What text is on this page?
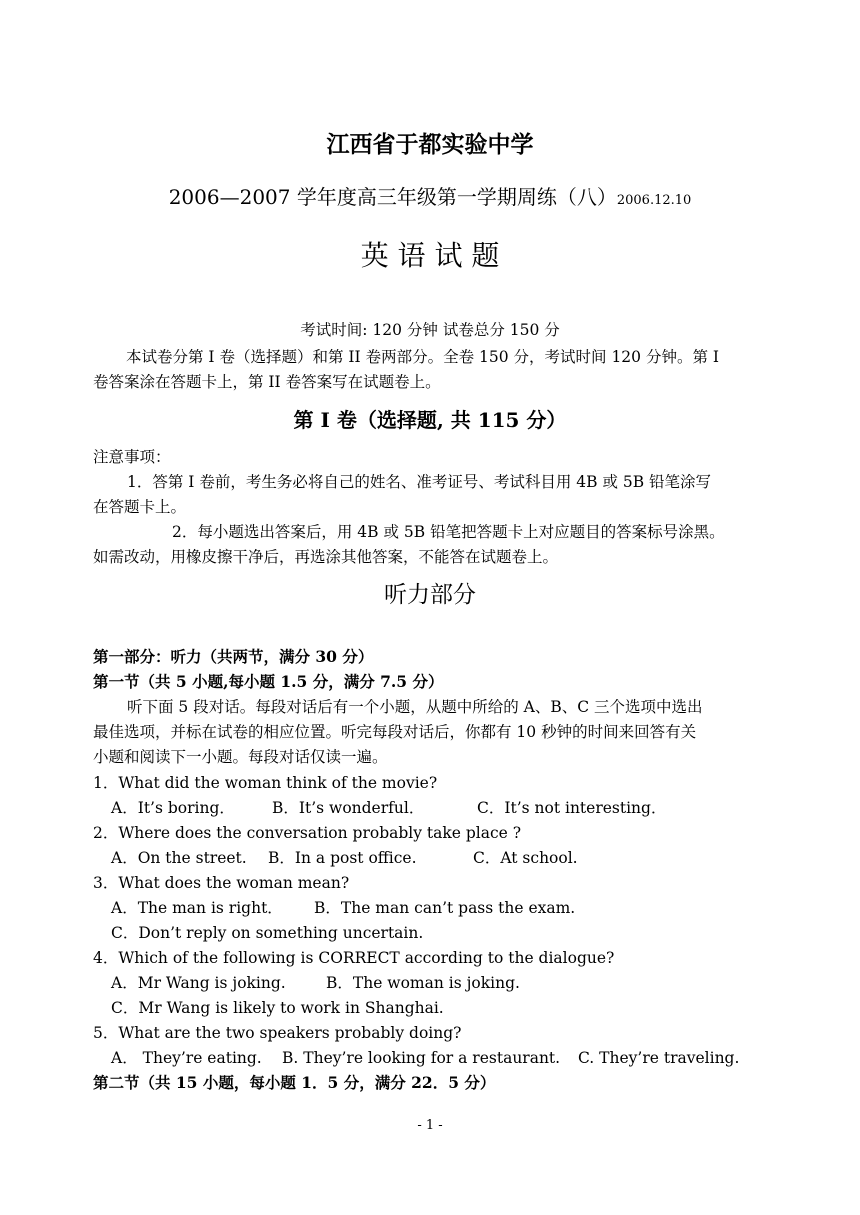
江西省于都实验中学
2006—2007 学年度高三年级第一学期周练（八）2006.12.10
英 语 试 题
考试时间: 120 分钟 试卷总分 150 分
本试卷分第 I 卷（选择题）和第 II 卷两部分。全卷 150 分，考试时间 120 分钟。第 I
卷答案涂在答题卡上，第 II 卷答案写在试题卷上。
第 I 卷（选择题, 共 115 分）
注意事项：
1．答第 I 卷前，考生务必将自己的姓名、准考证号、考试科目用 4B 或 5B 铅笔涂写
在答题卡上。
2．每小题选出答案后，用 4B 或 5B 铅笔把答题卡上对应题目的答案标号涂黑。
如需改动，用橡皮擦干净后，再选涂其他答案，不能答在试题卷上。
听力部分
第一部分：听力（共两节，满分 30 分）
第一节（共 5 小题,每小题 1.5 分，满分 7.5 分）
听下面 5 段对话。每段对话后有一个小题，从题中所给的 A、B、C 三个选项中选出
最佳选项，并标在试卷的相应位置。听完每段对话后，你都有 10 秒钟的时间来回答有关
小题和阅读下一小题。每段对话仅读一遍。
1．What did the woman think of the movie?
A．It’s boring． B．It’s wonderful．	C．It’s not interesting．
2．Where does the conversation probably take place ?
A．On the street. B．In a post office.	C．At school.
3．What does the woman mean?
A．The man is right． B．The man can’t pass the exam.
C．Don’t reply on something uncertain.
4．Which of the following is CORRECT according to the dialogue?
A．Mr Wang is joking.	B．The woman is joking.
C．Mr Wang is likely to work in Shanghai.
5．What are the two speakers probably doing?
A． They’re eating. B. They’re looking for a restaurant. C. They’re traveling.
第二节（共 15 小题，每小题 1．5 分，满分 22．5 分）
- 1 -
